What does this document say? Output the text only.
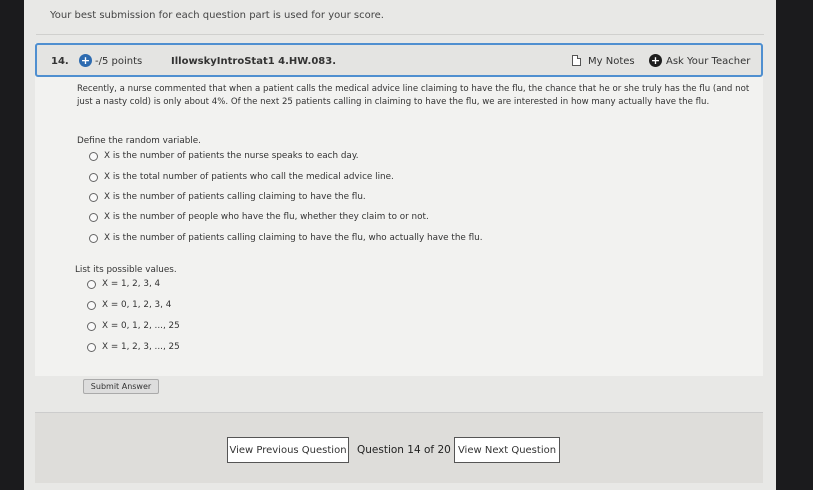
Your best submission for each question part is used for your score.
14. + -/5 points	IllowskyIntroStat1 4.HW.083.	My Notes + Ask Your Teacher
Recently, a nurse commented that when a patient calls the medical advice line claiming to have the flu, the chance that he or she truly has the flu (and not just a nasty cold) is only about 4%. Of the next 25 patients calling in claiming to have the flu, we are interested in how many actually have the flu.
Define the random variable.
X is the number of patients the nurse speaks to each day.
X is the total number of patients who call the medical advice line.
X is the number of patients calling claiming to have the flu.
X is the number of people who have the flu, whether they claim to or not.
X is the number of patients calling claiming to have the flu, who actually have the flu.
List its possible values.
X = 1, 2, 3, 4
X = 0, 1, 2, 3, 4
X = 0, 1, 2, ..., 25
X = 1, 2, 3, ..., 25
Submit Answer
View Previous Question Question 14 of 20 View Next Question
